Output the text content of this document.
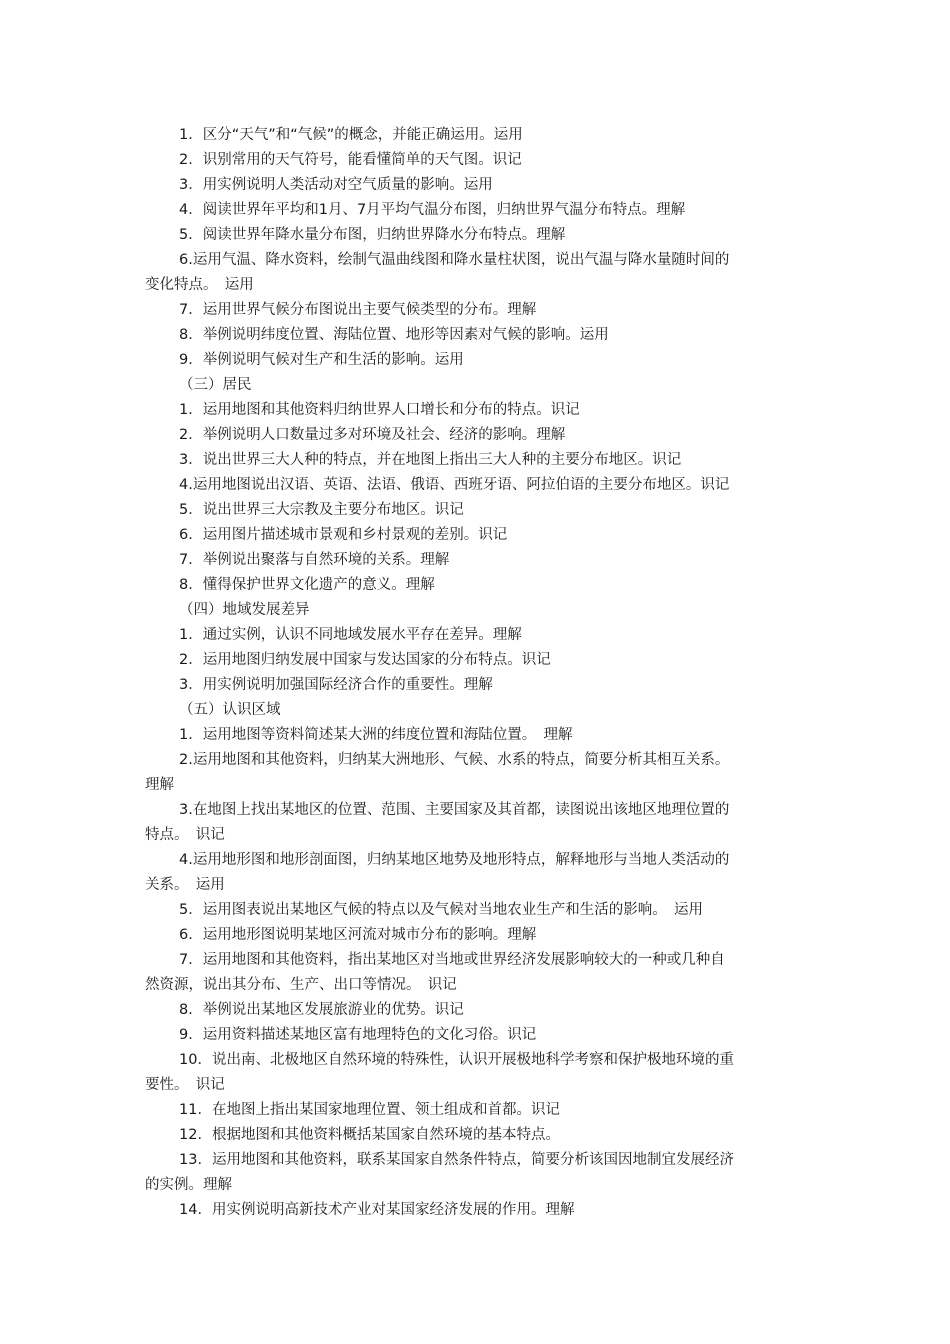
1．区分“天气”和“气候”的概念，并能正确运用。运用
2．识别常用的天气符号，能看懂简单的天气图。识记
3．用实例说明人类活动对空气质量的影响。运用
4．阅读世界年平均和1月、7月平均气温分布图，归纳世界气温分布特点。理解
5．阅读世界年降水量分布图，归纳世界降水分布特点。理解
6.运用气温、降水资料，绘制气温曲线图和降水量柱状图，说出气温与降水量随时间的
变化特点。　运用
7．运用世界气候分布图说出主要气候类型的分布。理解
8．举例说明纬度位置、海陆位置、地形等因素对气候的影响。运用
9．举例说明气候对生产和生活的影响。运用
（三）居民
1．运用地图和其他资料归纳世界人口增长和分布的特点。识记
2．举例说明人口数量过多对环境及社会、经济的影响。理解
3．说出世界三大人种的特点，并在地图上指出三大人种的主要分布地区。识记
4.运用地图说出汉语、英语、法语、俄语、西班牙语、阿拉伯语的主要分布地区。识记
5．说出世界三大宗教及主要分布地区。识记
6．运用图片描述城市景观和乡村景观的差别。识记
7．举例说出聚落与自然环境的关系。理解
8．懂得保护世界文化遗产的意义。理解
（四）地域发展差异
1．通过实例，认识不同地域发展水平存在差异。理解
2．运用地图归纳发展中国家与发达国家的分布特点。识记
3．用实例说明加强国际经济合作的重要性。理解
（五）认识区域
1．运用地图等资料简述某大洲的纬度位置和海陆位置。　理解
2.运用地图和其他资料，归纳某大洲地形、气候、水系的特点，简要分析其相互关系。
理解
3.在地图上找出某地区的位置、范围、主要国家及其首都，读图说出该地区地理位置的
特点。　识记
4.运用地形图和地形剖面图，归纳某地区地势及地形特点，解释地形与当地人类活动的
关系。　运用
5．运用图表说出某地区气候的特点以及气候对当地农业生产和生活的影响。　运用
6．运用地形图说明某地区河流对城市分布的影响。理解
7．运用地图和其他资料，指出某地区对当地或世界经济发展影响较大的一种或几种自
然资源，说出其分布、生产、出口等情况。　识记
8．举例说出某地区发展旅游业的优势。识记
9．运用资料描述某地区富有地理特色的文化习俗。识记
10．说出南、北极地区自然环境的特殊性，认识开展极地科学考察和保护极地环境的重
要性。　识记
11．在地图上指出某国家地理位置、领土组成和首都。识记
12．根据地图和其他资料概括某国家自然环境的基本特点。
13．运用地图和其他资料，联系某国家自然条件特点，简要分析该国因地制宜发展经济
的实例。理解
14．用实例说明高新技术产业对某国家经济发展的作用。理解
